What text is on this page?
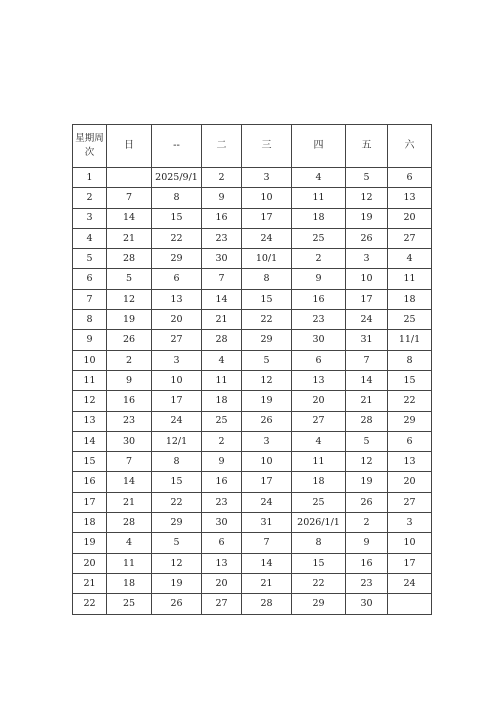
星期周次	日	--	二	三	四	五	六
1		2025/9/1	2	3	4	5	6
2	7	8	9	10	11	12	13
3	14	15	16	17	18	19	20
4	21	22	23	24	25	26	27
5	28	29	30	10/1	2	3	4
6	5	6	7	8	9	10	11
7	12	13	14	15	16	17	18
8	19	20	21	22	23	24	25
9	26	27	28	29	30	31	11/1
10	2	3	4	5	6	7	8
11	9	10	11	12	13	14	15
12	16	17	18	19	20	21	22
13	23	24	25	26	27	28	29
14	30	12/1	2	3	4	5	6
15	7	8	9	10	11	12	13
16	14	15	16	17	18	19	20
17	21	22	23	24	25	26	27
18	28	29	30	31	2026/1/1	2	3
19	4	5	6	7	8	9	10
20	11	12	13	14	15	16	17
21	18	19	20	21	22	23	24
22	25	26	27	28	29	30	
